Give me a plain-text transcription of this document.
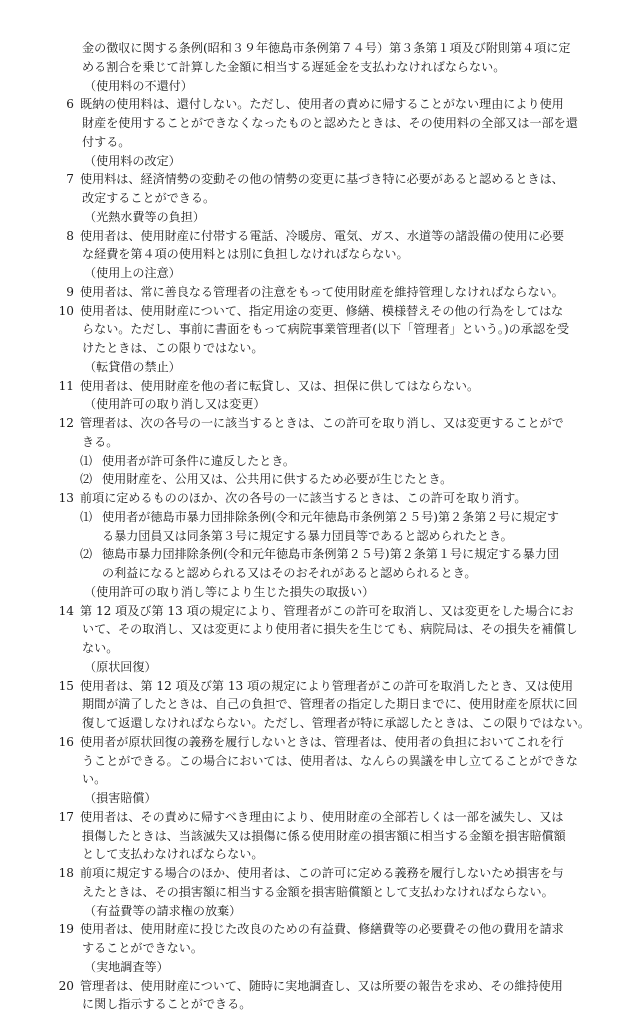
金の徴収に関する条例(昭和３９年徳島市条例第７４号）第３条第１項及び附則第４項に定
める割合を乗じて計算した金額に相当する遅延金を支払わなければならない。
（使用料の不還付）
6 既納の使用料は、還付しない。ただし、使用者の責めに帰することがない理由により使用
財産を使用することができなくなったものと認めたときは、その使用料の全部又は一部を還
付する。
（使用料の改定）
7 使用料は、経済情勢の変動その他の情勢の変更に基づき特に必要があると認めるときは、
改定することができる。
（光熱水費等の負担）
8 使用者は、使用財産に付帯する電話、冷暖房、電気、ガス、水道等の諸設備の使用に必要
な経費を第４項の使用料とは別に負担しなければならない。
（使用上の注意）
9 使用者は、常に善良なる管理者の注意をもって使用財産を維持管理しなければならない。
10 使用者は、使用財産について、指定用途の変更、修繕、模様替えその他の行為をしてはな
らない。ただし、事前に書面をもって病院事業管理者(以下「管理者」という。)の承認を受
けたときは、この限りではない。
（転貸借の禁止）
11 使用者は、使用財産を他の者に転貸し、又は、担保に供してはならない。
（使用許可の取り消し又は変更）
12 管理者は、次の各号の一に該当するときは、この許可を取り消し、又は変更することがで
きる。
⑴ 使用者が許可条件に違反したとき。
⑵ 使用財産を、公用又は、公共用に供するため必要が生じたとき。
13 前項に定めるもののほか、次の各号の一に該当するときは、この許可を取り消す。
⑴ 使用者が徳島市暴力団排除条例(令和元年徳島市条例第２５号)第２条第２号に規定す
る暴力団員又は同条第３号に規定する暴力団員等であると認められたとき。
⑵ 徳島市暴力団排除条例(令和元年徳島市条例第２５号)第２条第１号に規定する暴力団
の利益になると認められる又はそのおそれがあると認められるとき。
（使用許可の取り消し等により生じた損失の取扱い）
14 第 12 項及び第 13 項の規定により、管理者がこの許可を取消し、又は変更をした場合にお
いて、その取消し、又は変更により使用者に損失を生じても、病院局は、その損失を補償し
ない。
（原状回復）
15 使用者は、第 12 項及び第 13 項の規定により管理者がこの許可を取消したとき、又は使用
期間が満了したときは、自己の負担で、管理者の指定した期日までに、使用財産を原状に回
復して返還しなければならない。ただし、管理者が特に承認したときは、この限りではない。
16 使用者が原状回復の義務を履行しないときは、管理者は、使用者の負担においてこれを行
うことができる。この場合においては、使用者は、なんらの異議を申し立てることができな
い。
（損害賠償）
17 使用者は、その責めに帰すべき理由により、使用財産の全部若しくは一部を滅失し、又は
損傷したときは、当該滅失又は損傷に係る使用財産の損害額に相当する金額を損害賠償額
として支払わなければならない。
18 前項に規定する場合のほか、使用者は、この許可に定める義務を履行しないため損害を与
えたときは、その損害額に相当する金額を損害賠償額として支払わなければならない。
（有益費等の請求権の放棄）
19 使用者は、使用財産に投じた改良のための有益費、修繕費等の必要費その他の費用を請求
することができない。
（実地調査等）
20 管理者は、使用財産について、随時に実地調査し、又は所要の報告を求め、その維持使用
に関し指示することができる。
